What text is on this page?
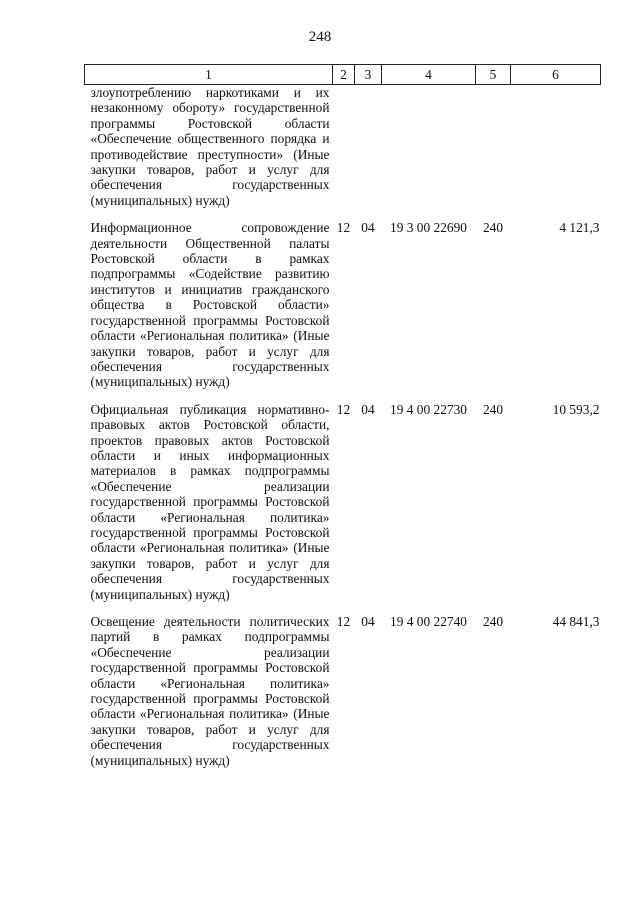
248
1	2	3	4	5	6
злоупотреблению наркотиками и их незаконному обороту» государственной программы Ростовской области «Обеспечение общественного порядка и противодействие преступности» (Иные закупки товаров, работ и услуг для обеспечения государственных (муниципальных) нужд)					

Информационное сопровождение деятельности Общественной палаты Ростовской области в рамках подпрограммы «Содействие развитию институтов и инициатив гражданского общества в Ростовской области» государственной программы Ростовской области «Региональная политика» (Иные закупки товаров, работ и услуг для обеспечения государственных (муниципальных) нужд)	12	04	19 3 00 22690	240	4 121,3

Официальная публикация нормативно-правовых актов Ростовской области, проектов правовых актов Ростовской области и иных информационных материалов в рамках подпрограммы «Обеспечение реализации государственной программы Ростовской области «Региональная политика» государственной программы Ростовской области «Региональная политика» (Иные закупки товаров, работ и услуг для обеспечения государственных (муниципальных) нужд)	12	04	19 4 00 22730	240	10 593,2

Освещение деятельности политических партий в рамках подпрограммы «Обеспечение реализации государственной программы Ростовской области «Региональная политика» государственной программы Ростовской области «Региональная политика» (Иные закупки товаров, работ и услуг для обеспечения государственных (муниципальных) нужд)	12	04	19 4 00 22740	240	44 841,3
